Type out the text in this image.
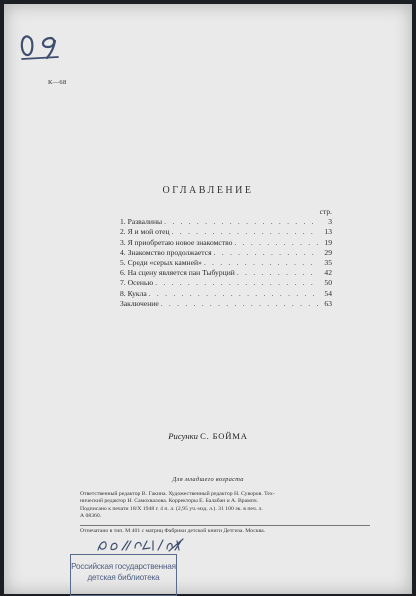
К—68
ОГЛАВЛЕНИЕ
стр.
1. Развалины . . .	3
2. Я и мой отец . . .	13
3. Я приобретаю новое знакомство . . .	19
4. Знакомство продолжается . . .	29
5. Среди «серых камней» . . .	35
6. На сцену является пан Тыбурций . . .	42
7. Осенью . . .	50
8. Кукла . . .	54
Заключение . . .	63
Рисунки С. БОЙМА
Для младшего возраста
Ответственный редактор В. Гакина. Художественный редактор Н. Суворов. Тех-
нический редактор Н. Самохвалова. Корректоры Е. Балабан и А. Врампч.
Подписано к печати 18/X 1948 г. 4 п. л. (2,95 уч.-изд. л.). 31 100 эк. в печ. л.
А 08360.
Отпечатано в тип. М 401 с матриц Фабрики детской книги Детгиза. Москва.
Российская государственная
детская библиотека
